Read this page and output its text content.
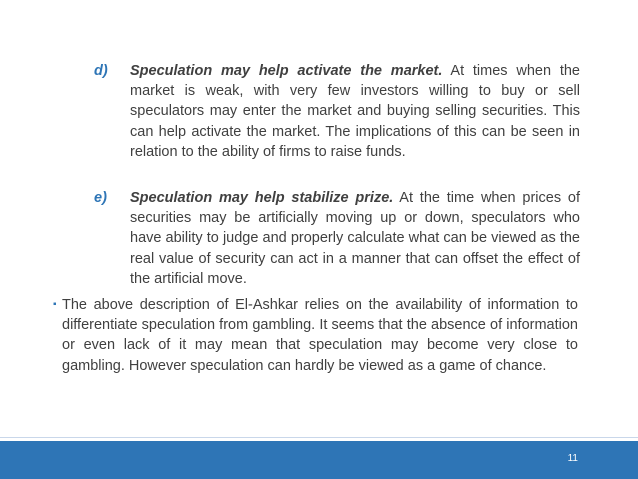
d)	Speculation may help activate the market. At times when the market is weak, with very few investors willing to buy or sell speculators may enter the market and buying selling securities. This can help activate the market. The implications of this can be seen in relation to the ability of firms to raise funds.
e)	Speculation may help stabilize prize. At the time when prices of securities may be artificially moving up or down, speculators who have ability to judge and properly calculate what can be viewed as the real value of security can act in a manner that can offset the effect of the artificial move.
▪ The above description of El-Ashkar relies on the availability of information to differentiate speculation from gambling. It seems that the absence of information or even lack of it may mean that speculation may become very close to gambling. However speculation can hardly be viewed as a game of chance.
11
